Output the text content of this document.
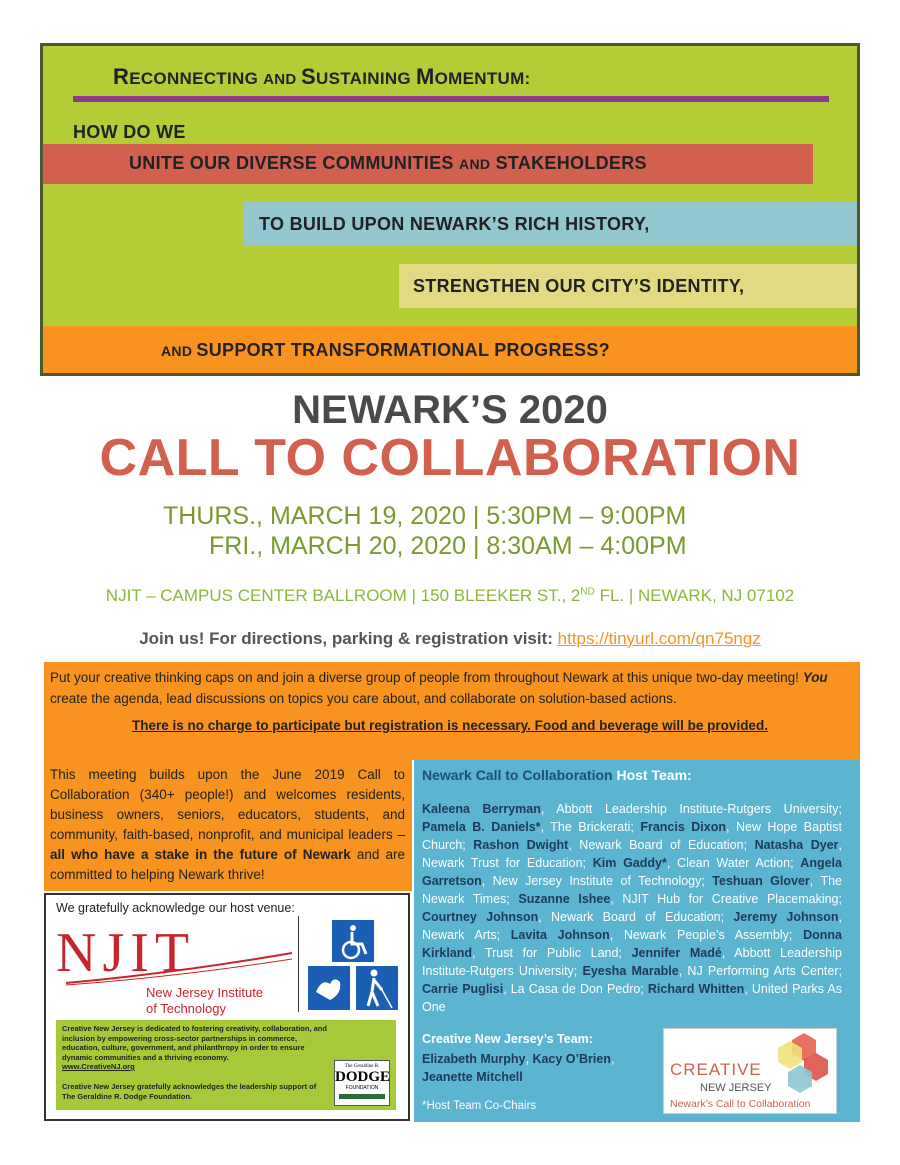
RECONNECTING AND SUSTAINING MOMENTUM:
HOW DO WE
UNITE OUR DIVERSE COMMUNITIES AND STAKEHOLDERS
TO BUILD UPON NEWARK’S RICH HISTORY,
STRENGTHEN OUR CITY’S IDENTITY,
AND SUPPORT TRANSFORMATIONAL PROGRESS?
NEWARK’S 2020
CALL TO COLLABORATION
THURS., MARCH 19, 2020 | 5:30PM – 9:00PM
FRI., MARCH 20, 2020 | 8:30AM – 4:00PM
NJIT – CAMPUS CENTER BALLROOM | 150 BLEEKER ST., 2ND FL. | NEWARK, NJ 07102
Join us! For directions, parking & registration visit: https://tinyurl.com/qn75ngz
Put your creative thinking caps on and join a diverse group of people from throughout Newark at this unique two-day meeting! You create the agenda, lead discussions on topics you care about, and collaborate on solution-based actions.
There is no charge to participate but registration is necessary. Food and beverage will be provided.
This meeting builds upon the June 2019 Call to Collaboration (340+ people!) and welcomes residents, business owners, seniors, educators, students, and community, faith-based, nonprofit, and municipal leaders – all who have a stake in the future of Newark and are committed to helping Newark thrive!
We gratefully acknowledge our host venue:
NJIT
New Jersey Institute
of Technology
Creative New Jersey is dedicated to fostering creativity, collaboration, and inclusion by empowering cross-sector partnerships in commerce, education, culture, government, and philanthropy in order to ensure dynamic communities and a thriving economy.
www.CreativeNJ.org
Creative New Jersey gratefully acknowledges the leadership support of The Geraldine R. Dodge Foundation.
The Geraldine R.
DODGE
FOUNDATION
Newark Call to Collaboration Host Team:
Kaleena Berryman, Abbott Leadership Institute-Rutgers University; Pamela B. Daniels*, The Brickerati; Francis Dixon, New Hope Baptist Church; Rashon Dwight, Newark Board of Education; Natasha Dyer, Newark Trust for Education; Kim Gaddy*, Clean Water Action; Angela Garretson, New Jersey Institute of Technology; Teshuan Glover, The Newark Times; Suzanne Ishee, NJIT Hub for Creative Placemaking; Courtney Johnson, Newark Board of Education; Jeremy Johnson, Newark Arts; Lavita Johnson, Newark People’s Assembly; Donna Kirkland, Trust for Public Land; Jennifer Madé, Abbott Leadership Institute-Rutgers University; Eyesha Marable, NJ Performing Arts Center; Carrie Puglisi, La Casa de Don Pedro; Richard Whitten, United Parks As One
Creative New Jersey’s Team:
Elizabeth Murphy, Kacy O’Brien,
Jeanette Mitchell
*Host Team Co-Chairs
CREATIVE
NEW JERSEY
Newark’s Call to Collaboration
